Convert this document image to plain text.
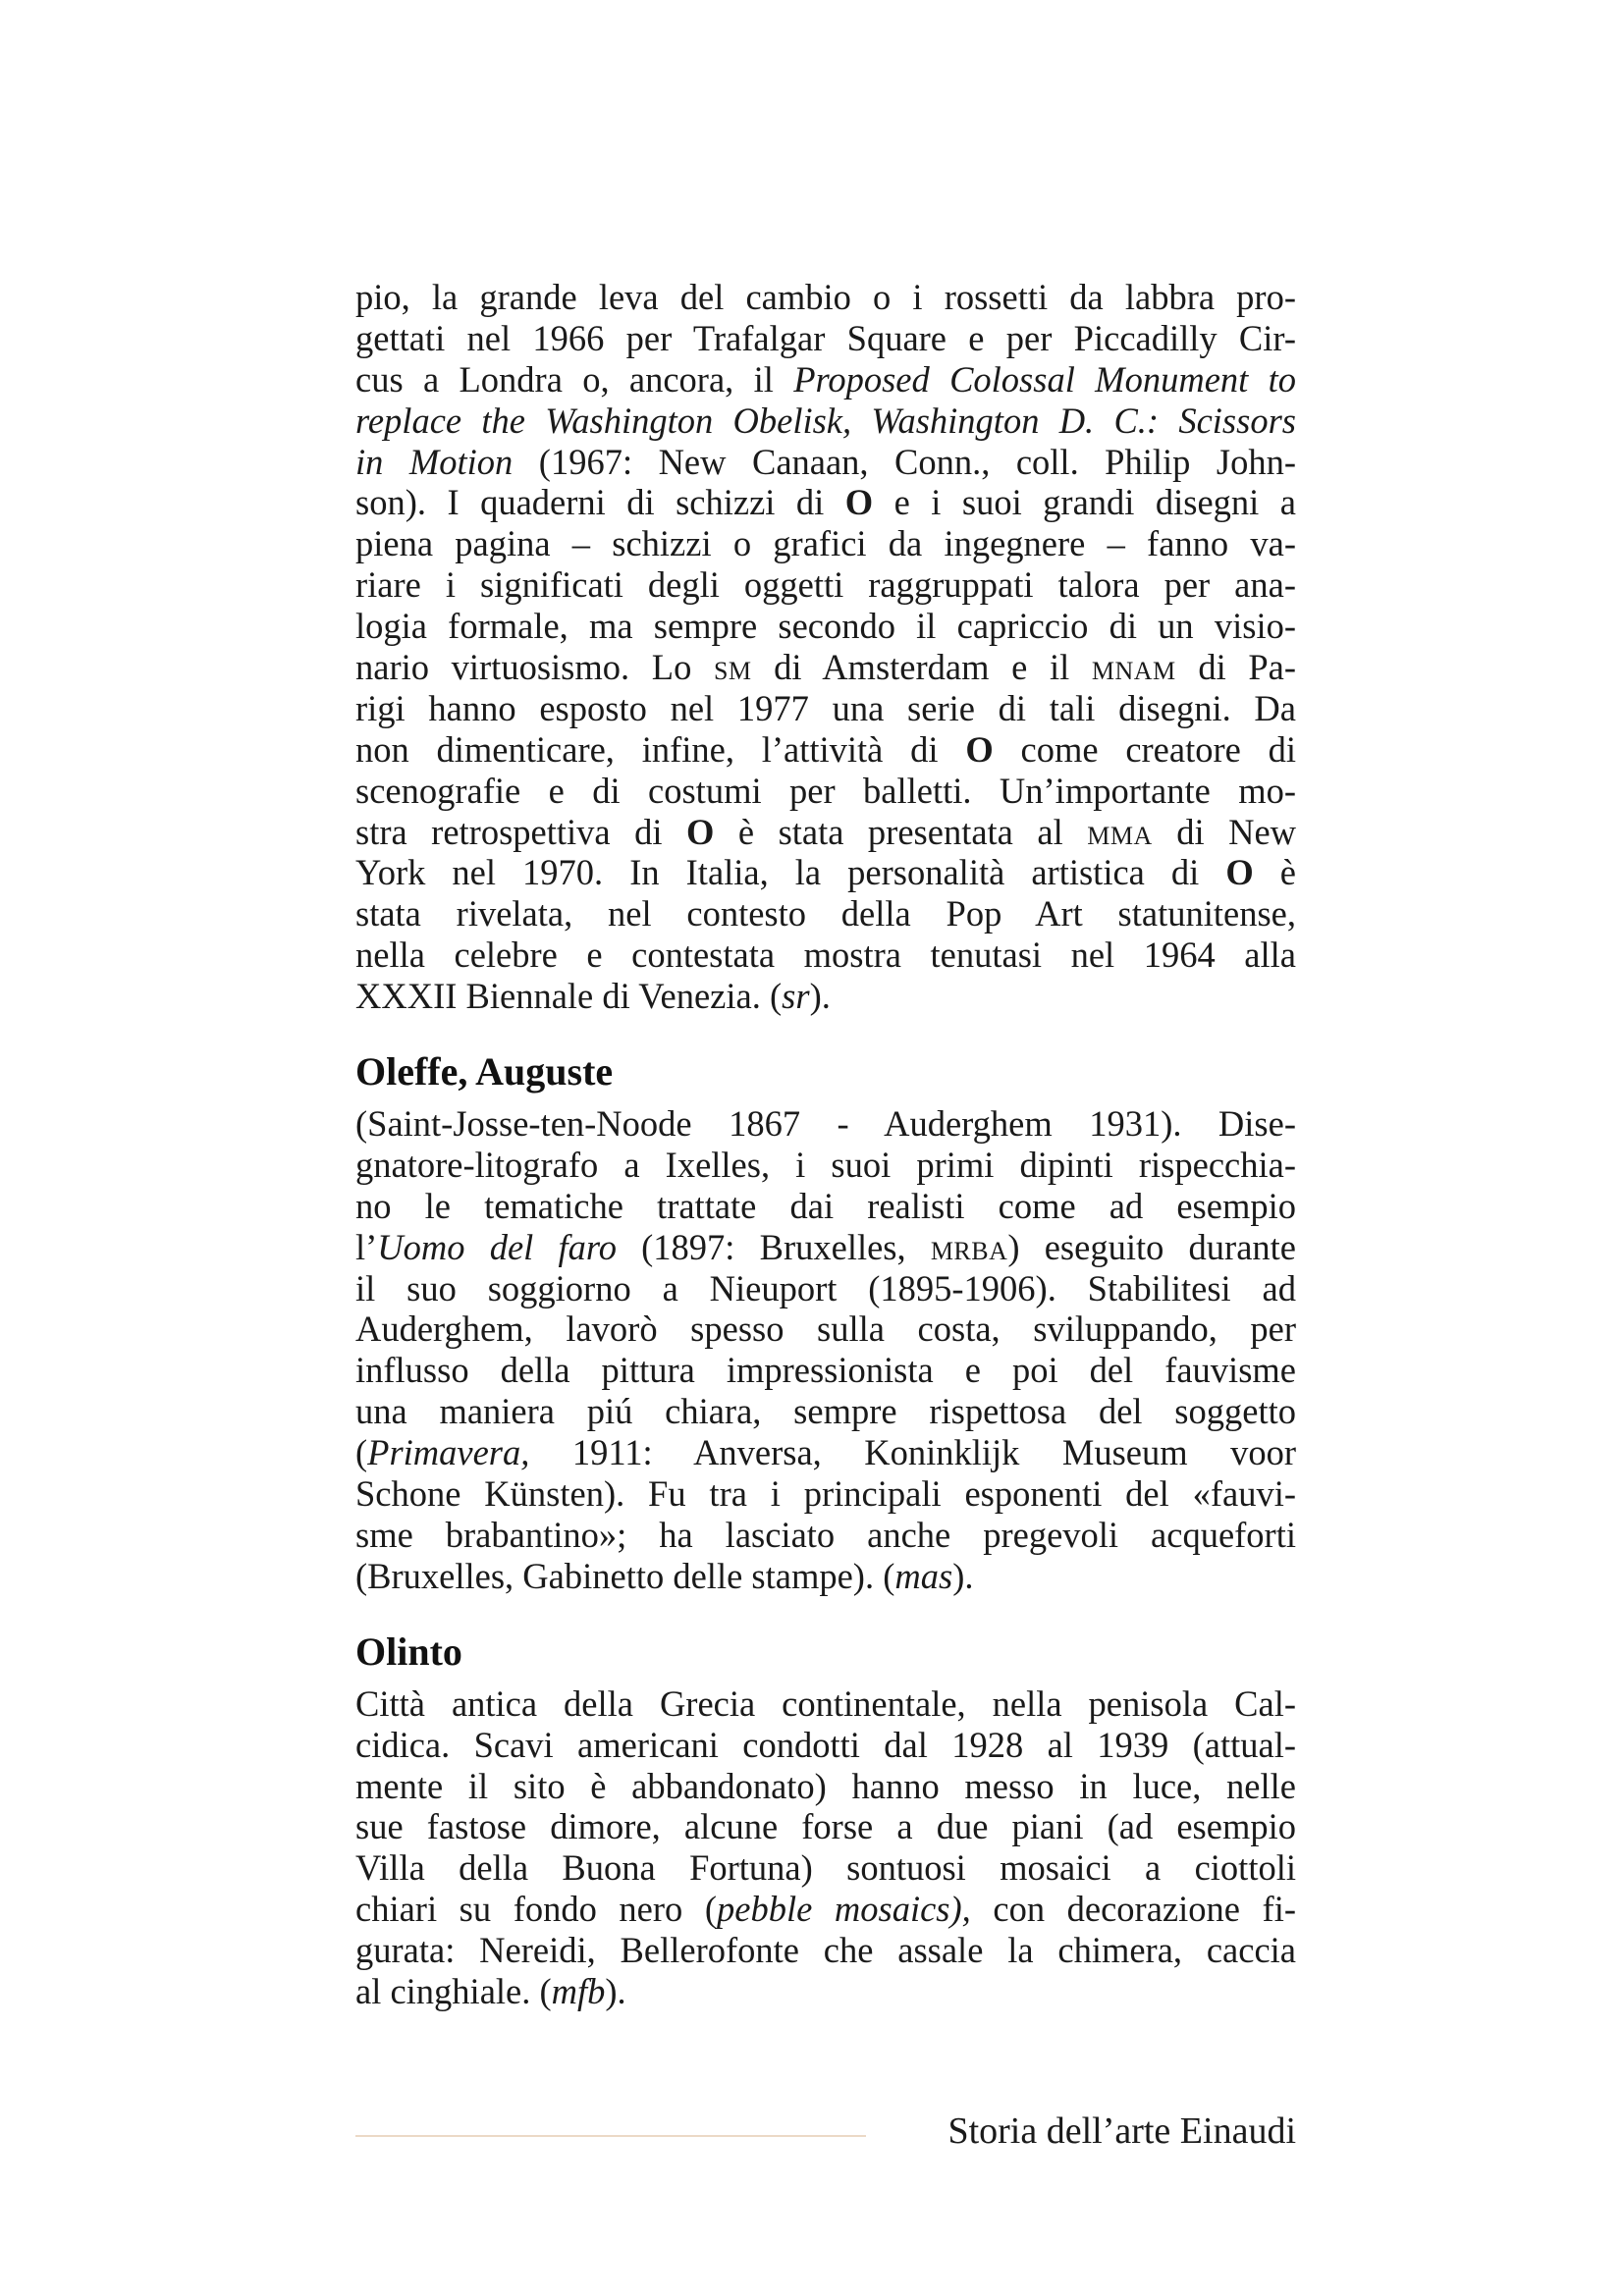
pio, la grande leva del cambio o i rossetti da labbra pro-
gettati nel 1966 per Trafalgar Square e per Piccadilly Cir-
cus a Londra o, ancora, il Proposed Colossal Monument to
replace the Washington Obelisk, Washington D. C.: Scissors
in Motion (1967: New Canaan, Conn., coll. Philip John-
son). I quaderni di schizzi di O e i suoi grandi disegni a
piena pagina – schizzi o grafici da ingegnere – fanno va-
riare i significati degli oggetti raggruppati talora per ana-
logia formale, ma sempre secondo il capriccio di un visio-
nario virtuosismo. Lo sm di Amsterdam e il mnam di Pa-
rigi hanno esposto nel 1977 una serie di tali disegni. Da
non dimenticare, infine, l’attività di O come creatore di
scenografie e di costumi per balletti. Un’importante mo-
stra retrospettiva di O è stata presentata al mma di New
York nel 1970. In Italia, la personalità artistica di O è
stata rivelata, nel contesto della Pop Art statunitense,
nella celebre e contestata mostra tenutasi nel 1964 alla
XXXII Biennale di Venezia. (sr).
Oleffe, Auguste
(Saint-Josse-ten-Noode 1867 - Auderghem 1931). Dise-
gnatore-litografo a Ixelles, i suoi primi dipinti rispecchia-
no le tematiche trattate dai realisti come ad esempio
l’Uomo del faro (1897: Bruxelles, mrba) eseguito durante
il suo soggiorno a Nieuport (1895-1906). Stabilitesi ad
Auderghem, lavorò spesso sulla costa, sviluppando, per
influsso della pittura impressionista e poi del fauvisme
una maniera piú chiara, sempre rispettosa del soggetto
(Primavera, 1911: Anversa, Koninklijk Museum voor
Schone Künsten). Fu tra i principali esponenti del «fauvi-
sme brabantino»; ha lasciato anche pregevoli acqueforti
(Bruxelles, Gabinetto delle stampe). (mas).
Olinto
Città antica della Grecia continentale, nella penisola Cal-
cidica. Scavi americani condotti dal 1928 al 1939 (attual-
mente il sito è abbandonato) hanno messo in luce, nelle
sue fastose dimore, alcune forse a due piani (ad esempio
Villa della Buona Fortuna) sontuosi mosaici a ciottoli
chiari su fondo nero (pebble mosaics), con decorazione fi-
gurata: Nereidi, Bellerofonte che assale la chimera, caccia
al cinghiale. (mfb).
Storia dell’arte Einaudi
